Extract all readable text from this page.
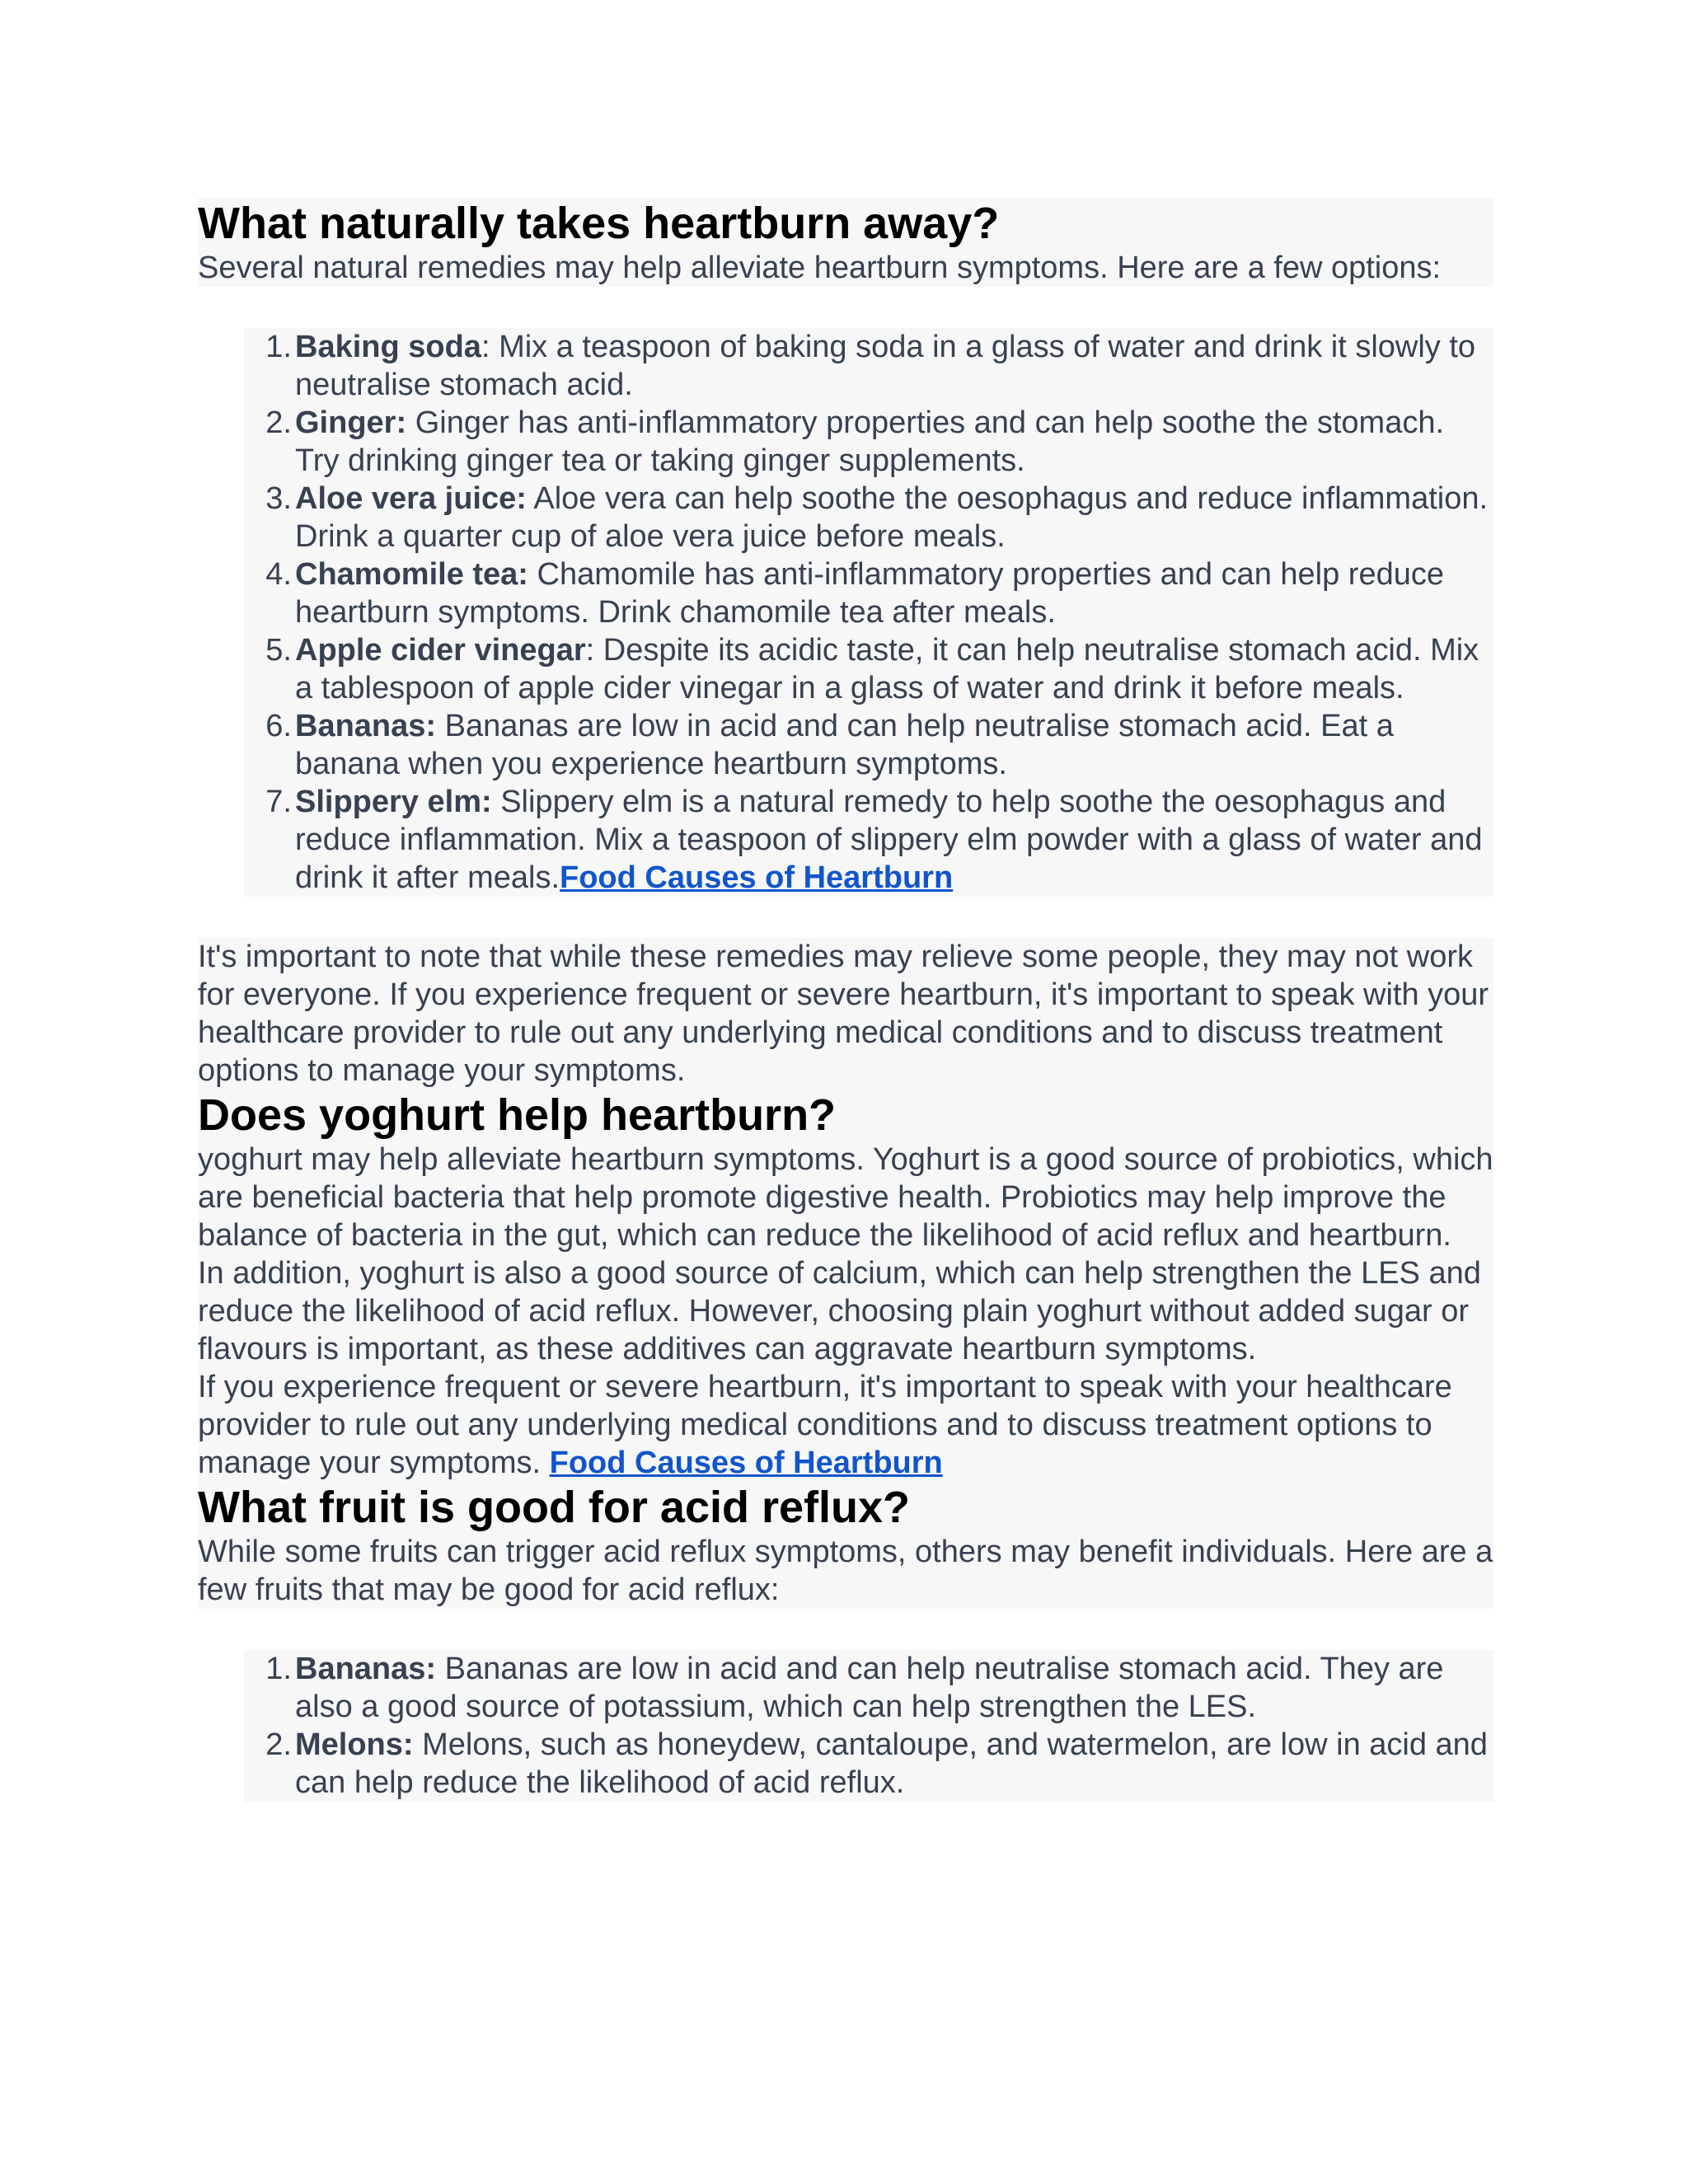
What naturally takes heartburn away?

Several natural remedies may help alleviate heartburn symptoms. Here are a few options:

1. Baking soda: Mix a teaspoon of baking soda in a glass of water and drink it slowly to neutralise stomach acid.
2. Ginger: Ginger has anti-inflammatory properties and can help soothe the stomach. Try drinking ginger tea or taking ginger supplements.
3. Aloe vera juice: Aloe vera can help soothe the oesophagus and reduce inflammation. Drink a quarter cup of aloe vera juice before meals.
4. Chamomile tea: Chamomile has anti-inflammatory properties and can help reduce heartburn symptoms. Drink chamomile tea after meals.
5. Apple cider vinegar: Despite its acidic taste, it can help neutralise stomach acid. Mix a tablespoon of apple cider vinegar in a glass of water and drink it before meals.
6. Bananas: Bananas are low in acid and can help neutralise stomach acid. Eat a banana when you experience heartburn symptoms.
7. Slippery elm: Slippery elm is a natural remedy to help soothe the oesophagus and reduce inflammation. Mix a teaspoon of slippery elm powder with a glass of water and drink it after meals.Food Causes of Heartburn

It's important to note that while these remedies may relieve some people, they may not work for everyone. If you experience frequent or severe heartburn, it's important to speak with your healthcare provider to rule out any underlying medical conditions and to discuss treatment options to manage your symptoms.

Does yoghurt help heartburn?

yoghurt may help alleviate heartburn symptoms. Yoghurt is a good source of probiotics, which are beneficial bacteria that help promote digestive health. Probiotics may help improve the balance of bacteria in the gut, which can reduce the likelihood of acid reflux and heartburn.

In addition, yoghurt is also a good source of calcium, which can help strengthen the LES and reduce the likelihood of acid reflux. However, choosing plain yoghurt without added sugar or flavours is important, as these additives can aggravate heartburn symptoms.

If you experience frequent or severe heartburn, it's important to speak with your healthcare provider to rule out any underlying medical conditions and to discuss treatment options to manage your symptoms. Food Causes of Heartburn

What fruit is good for acid reflux?

While some fruits can trigger acid reflux symptoms, others may benefit individuals. Here are a few fruits that may be good for acid reflux:

1. Bananas: Bananas are low in acid and can help neutralise stomach acid. They are also a good source of potassium, which can help strengthen the LES.
2. Melons: Melons, such as honeydew, cantaloupe, and watermelon, are low in acid and can help reduce the likelihood of acid reflux.
